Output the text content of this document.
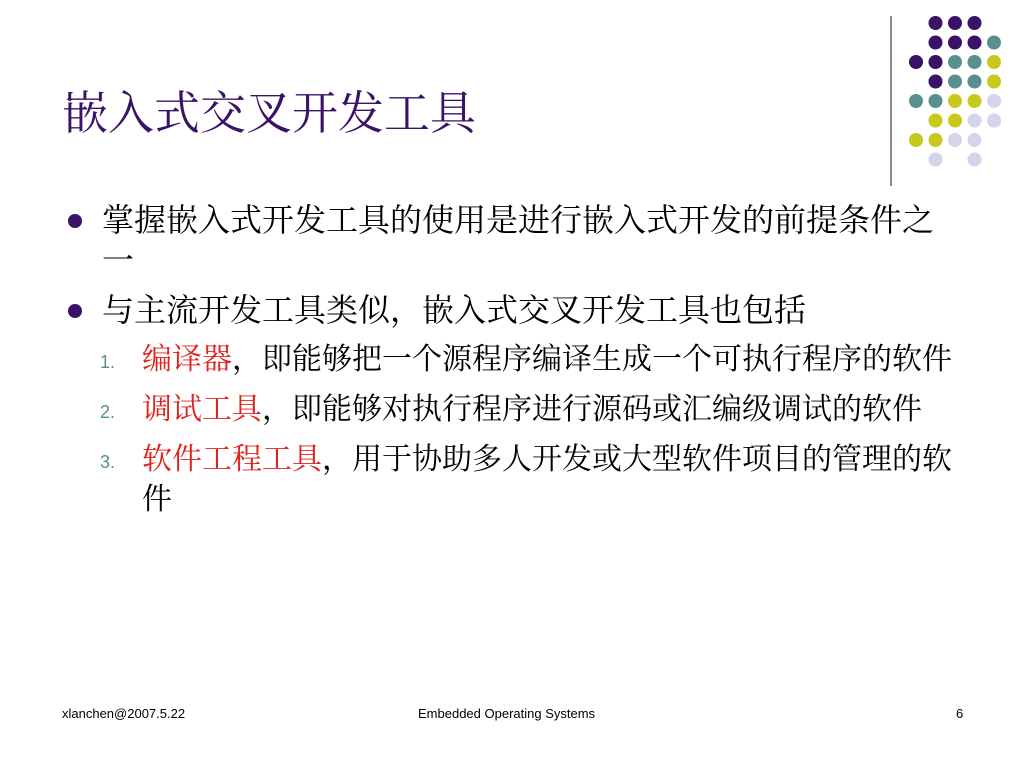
嵌入式交叉开发工具
掌握嵌入式开发工具的使用是进行嵌入式开发的前提条件之一
与主流开发工具类似，嵌入式交叉开发工具也包括
1. 编译器，即能够把一个源程序编译生成一个可执行程序的软件
2. 调试工具，即能够对执行程序进行源码或汇编级调试的软件
3. 软件工程工具，用于协助多人开发或大型软件项目的管理的软件
xlanchen@2007.5.22	Embedded Operating Systems	6
